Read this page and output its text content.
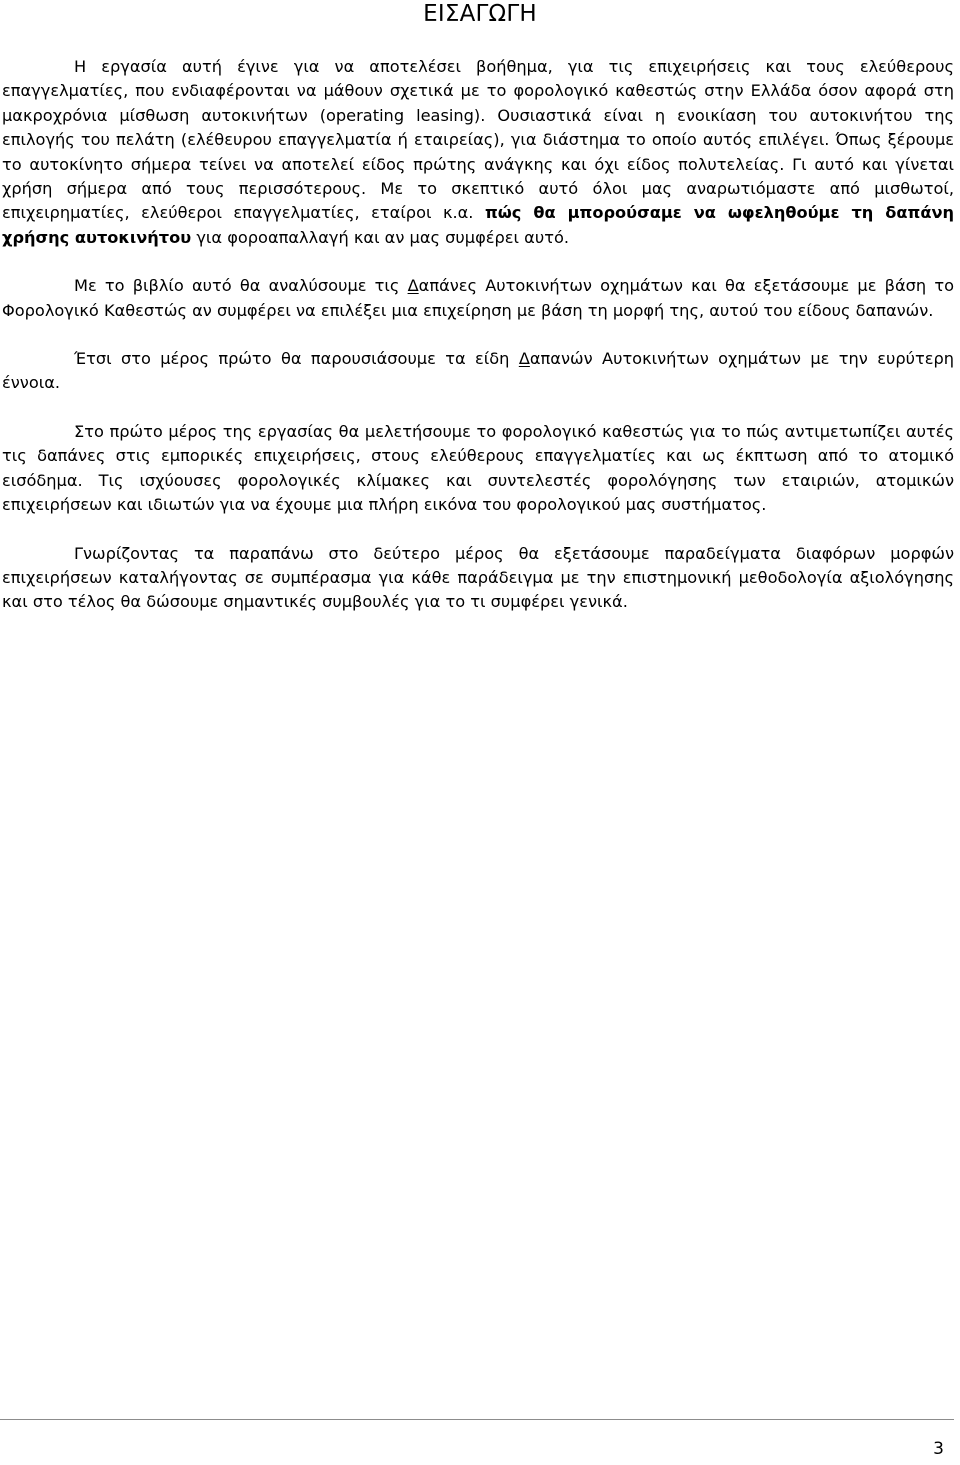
ΕΙΣΑΓΩΓΗ

Η εργασία αυτή έγινε για να αποτελέσει βοήθημα, για τις επιχειρήσεις και τους ελεύθερους επαγγελματίες, που ενδιαφέρονται να μάθουν σχετικά με το φορολογικό καθεστώς στην Ελλάδα όσον αφορά στη μακροχρόνια μίσθωση αυτοκινήτων (operating leasing). Ουσιαστικά είναι η ενοικίαση του αυτοκινήτου της επιλογής του πελάτη (ελέθευρου επαγγελματία ή εταιρείας), για διάστημα το οποίο αυτός επιλέγει. Όπως ξέρουμε το αυτοκίνητο σήμερα τείνει να αποτελεί είδος πρώτης ανάγκης και όχι είδος πολυτελείας. Γι αυτό και γίνεται χρήση σήμερα από τους περισσότερους. Με το σκεπτικό αυτό όλοι μας αναρωτιόμαστε από μισθωτοί, επιχειρηματίες, ελεύθεροι επαγγελματίες, εταίροι κ.α. πώς θα μπορούσαμε να ωφεληθούμε τη δαπάνη χρήσης αυτοκινήτου για φοροαπαλλαγή και αν μας συμφέρει αυτό.

Με το βιβλίο αυτό θα αναλύσουμε τις Δαπάνες Αυτοκινήτων οχημάτων και θα εξετάσουμε με βάση το Φορολογικό Καθεστώς αν συμφέρει να επιλέξει μια επιχείρηση με βάση τη μορφή της, αυτού του είδους δαπανών.

Έτσι στο μέρος πρώτο θα παρουσιάσουμε τα είδη Δαπανών Αυτοκινήτων οχημάτων με την ευρύτερη έννοια.

Στο πρώτο μέρος της εργασίας θα μελετήσουμε το φορολογικό καθεστώς για το πώς αντιμετωπίζει αυτές τις δαπάνες στις εμπορικές επιχειρήσεις, στους ελεύθερους επαγγελματίες και ως έκπτωση από το ατομικό εισόδημα. Τις ισχύουσες φορολογικές κλίμακες και συντελεστές φορολόγησης των εταιριών, ατομικών επιχειρήσεων και ιδιωτών για να έχουμε μια πλήρη εικόνα του φορολογικού μας συστήματος.

Γνωρίζοντας τα παραπάνω στο δεύτερο μέρος θα εξετάσουμε παραδείγματα διαφόρων μορφών επιχειρήσεων καταλήγοντας σε συμπέρασμα για κάθε παράδειγμα με την επιστημονική μεθοδολογία αξιολόγησης και στο τέλος θα δώσουμε σημαντικές συμβουλές για το τι συμφέρει γενικά.

3
